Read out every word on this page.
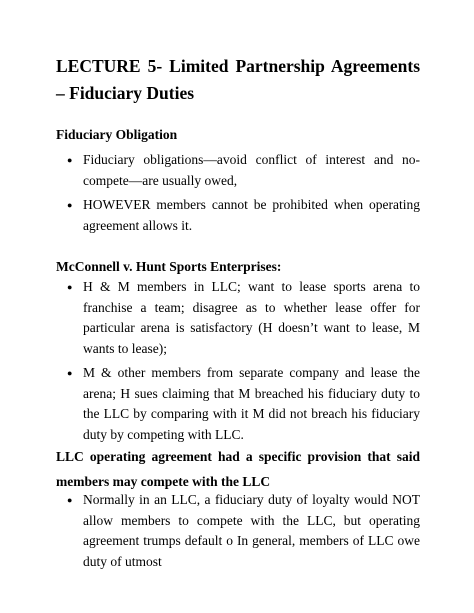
LECTURE 5- Limited Partnership Agreements – Fiduciary Duties
Fiduciary Obligation
● Fiduciary obligations—avoid conflict of interest and no-compete—are usually owed,
● HOWEVER members cannot be prohibited when operating agreement allows it.
McConnell v. Hunt Sports Enterprises:
● H & M members in LLC; want to lease sports arena to franchise a team; disagree as to whether lease offer for particular arena is satisfactory (H doesn’t want to lease, M wants to lease);
● M & other members from separate company and lease the arena; H sues claiming that M breached his fiduciary duty to the LLC by comparing with it M did not breach his fiduciary duty by competing with LLC.
LLC operating agreement had a specific provision that said members may compete with the LLC
● Normally in an LLC, a fiduciary duty of loyalty would NOT allow members to compete with the LLC, but operating agreement trumps default o In general, members of LLC owe duty of utmost
